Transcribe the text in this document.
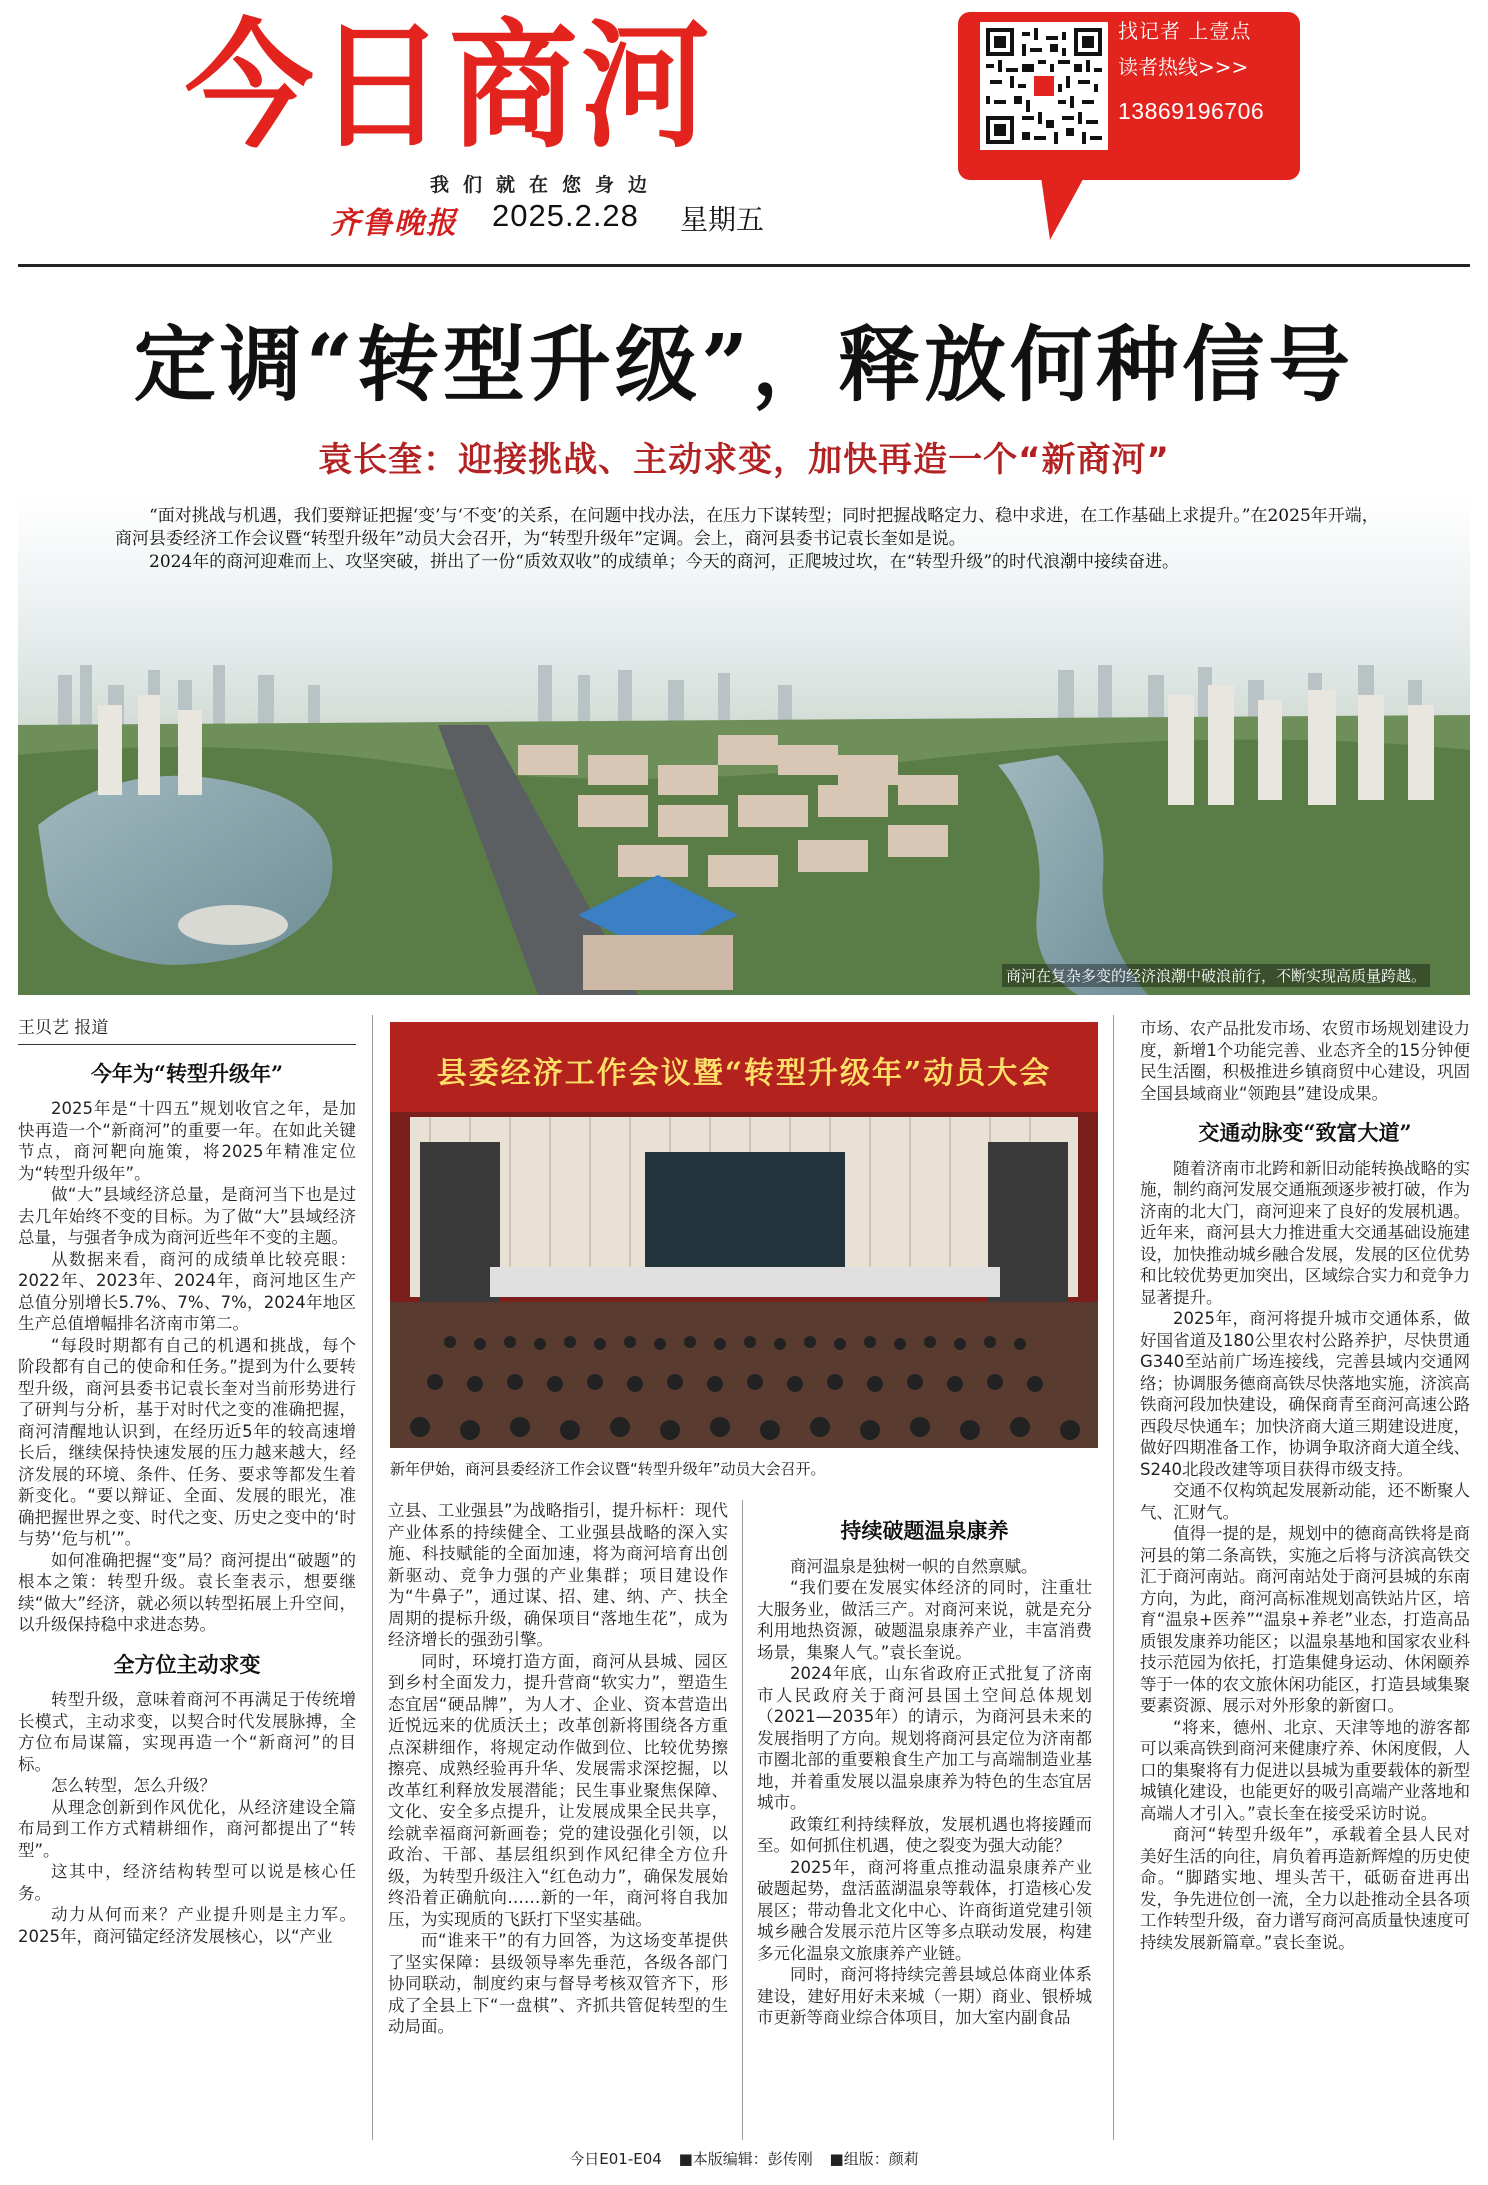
今日商河
我们就在您身边
齐鲁晚报 2025.2.28 星期五
找记者 上壹点
读者热线>>>
13869196706
定调“转型升级”，释放何种信号
袁长奎：迎接挑战、主动求变，加快再造一个“新商河”
商河在复杂多变的经济浪潮中破浪前行，不断实现高质量跨越。

“面对挑战与机遇，我们要辩证把握‘变’与‘不变’的关系，在问题中找办法，在压力下谋转型；同时把握战略定力、稳中求进，在工作基础上求提升。”在2025年开端，商河县委经济工作会议暨“转型升级年”动员大会召开，为“转型升级年”定调。会上，商河县委书记袁长奎如是说。

2024年的商河迎难而上、攻坚突破，拼出了一份“质效双收”的成绩单；今天的商河，正爬坡过坎，在“转型升级”的时代浪潮中接续奋进。

王贝艺 报道

今年为“转型升级年”

2025年是“十四五”规划收官之年，是加快再造一个“新商河”的重要一年。在如此关键节点，商河靶向施策，将2025年精准定位为“转型升级年”。

做“大”县域经济总量，是商河当下也是过去几年始终不变的目标。为了做“大”县域经济总量，与强者争成为商河近些年不变的主题。

从数据来看，商河的成绩单比较亮眼：2022年、2023年、2024年，商河地区生产总值分别增长5.7%、7%、7%，2024年地区生产总值增幅排名济南市第二。

“每段时期都有自己的机遇和挑战，每个阶段都有自己的使命和任务。”提到为什么要转型升级，商河县委书记袁长奎对当前形势进行了研判与分析，基于对时代之变的准确把握，商河清醒地认识到，在经历近5年的较高速增长后，继续保持快速发展的压力越来越大，经济发展的环境、条件、任务、要求等都发生着新变化。“要以辩证、全面、发展的眼光，准确把握世界之变、时代之变、历史之变中的‘时与势’‘危与机’”。

如何准确把握“变”局？商河提出“破题”的根本之策：转型升级。袁长奎表示，想要继续“做大”经济，就必须以转型拓展上升空间，以升级保持稳中求进态势。

全方位主动求变

转型升级，意味着商河不再满足于传统增长模式，主动求变，以契合时代发展脉搏，全方位布局谋篇，实现再造一个“新商河”的目标。

怎么转型，怎么升级？

从理念创新到作风优化，从经济建设全篇布局到工作方式精耕细作，商河都提出了“转型”。

这其中，经济结构转型可以说是核心任务。

动力从何而来？产业提升则是主力军。2025年，商河锚定经济发展核心，以“产业

县委经济工作会议暨“转型升级年”动员大会
新年伊始，商河县委经济工作会议暨“转型升级年”动员大会召开。

立县、工业强县”为战略指引，提升标杆：现代产业体系的持续健全、工业强县战略的深入实施、科技赋能的全面加速，将为商河培育出创新驱动、竞争力强的产业集群；项目建设作为“牛鼻子”，通过谋、招、建、纳、产、扶全周期的提标升级，确保项目“落地生花”，成为经济增长的强劲引擎。

同时，环境打造方面，商河从县城、园区到乡村全面发力，提升营商“软实力”，塑造生态宜居“硬品牌”，为人才、企业、资本营造出近悦远来的优质沃土；改革创新将围绕各方重点深耕细作，将规定动作做到位、比较优势擦擦亮、成熟经验再升华、发展需求深挖掘，以改革红利释放发展潜能；民生事业聚焦保障、文化、安全多点提升，让发展成果全民共享，绘就幸福商河新画卷；党的建设强化引领，以政治、干部、基层组织到作风纪律全方位升级，为转型升级注入“红色动力”，确保发展始终沿着正确航向……新的一年，商河将自我加压，为实现质的飞跃打下坚实基础。

而“谁来干”的有力回答，为这场变革提供了坚实保障：县级领导率先垂范，各级各部门协同联动，制度约束与督导考核双管齐下，形成了全县上下“一盘棋”、齐抓共管促转型的生动局面。

持续破题温泉康养

商河温泉是独树一帜的自然禀赋。

“我们要在发展实体经济的同时，注重壮大服务业，做活三产。对商河来说，就是充分利用地热资源，破题温泉康养产业，丰富消费场景，集聚人气。”袁长奎说。

2024年底，山东省政府正式批复了济南市人民政府关于商河县国土空间总体规划（2021—2035年）的请示，为商河县未来的发展指明了方向。规划将商河县定位为济南都市圈北部的重要粮食生产加工与高端制造业基地，并着重发展以温泉康养为特色的生态宜居城市。

政策红利持续释放，发展机遇也将接踵而至。如何抓住机遇，使之裂变为强大动能？

2025年，商河将重点推动温泉康养产业破题起势，盘活蓝湖温泉等载体，打造核心发展区；带动鲁北文化中心、许商街道党建引领城乡融合发展示范片区等多点联动发展，构建多元化温泉文旅康养产业链。

同时，商河将持续完善县域总体商业体系建设，建好用好未来城（一期）商业、银桥城市更新等商业综合体项目，加大室内副食品

市场、农产品批发市场、农贸市场规划建设力度，新增1个功能完善、业态齐全的15分钟便民生活圈，积极推进乡镇商贸中心建设，巩固全国县域商业“领跑县”建设成果。

交通动脉变“致富大道”

随着济南市北跨和新旧动能转换战略的实施，制约商河发展交通瓶颈逐步被打破，作为济南的北大门，商河迎来了良好的发展机遇。近年来，商河县大力推进重大交通基础设施建设，加快推动城乡融合发展，发展的区位优势和比较优势更加突出，区域综合实力和竞争力显著提升。

2025年，商河将提升城市交通体系，做好国省道及180公里农村公路养护，尽快贯通G340至站前广场连接线，完善县域内交通网络；协调服务德商高铁尽快落地实施，济滨高铁商河段加快建设，确保商青至商河高速公路西段尽快通车；加快济商大道三期建设进度，做好四期准备工作，协调争取济商大道全线、S240北段改建等项目获得市级支持。

交通不仅构筑起发展新动能，还不断聚人气、汇财气。

值得一提的是，规划中的德商高铁将是商河县的第二条高铁，实施之后将与济滨高铁交汇于商河南站。商河南站处于商河县城的东南方向，为此，商河高标准规划高铁站片区，培育“温泉+医养”“温泉+养老”业态，打造高品质银发康养功能区；以温泉基地和国家农业科技示范园为依托，打造集健身运动、休闲颐养等于一体的农文旅休闲功能区，打造县域集聚要素资源、展示对外形象的新窗口。

“将来，德州、北京、天津等地的游客都可以乘高铁到商河来健康疗养、休闲度假，人口的集聚将有力促进以县城为重要载体的新型城镇化建设，也能更好的吸引高端产业落地和高端人才引入。”袁长奎在接受采访时说。

商河“转型升级年”，承载着全县人民对美好生活的向往，肩负着再造新辉煌的历史使命。“脚踏实地、埋头苦干，砥砺奋进再出发，争先进位创一流，全力以赴推动全县各项工作转型升级，奋力谱写商河高质量快速度可持续发展新篇章。”袁长奎说。

今日E01-E04 ■本版编辑：彭传刚 ■组版：颜莉
